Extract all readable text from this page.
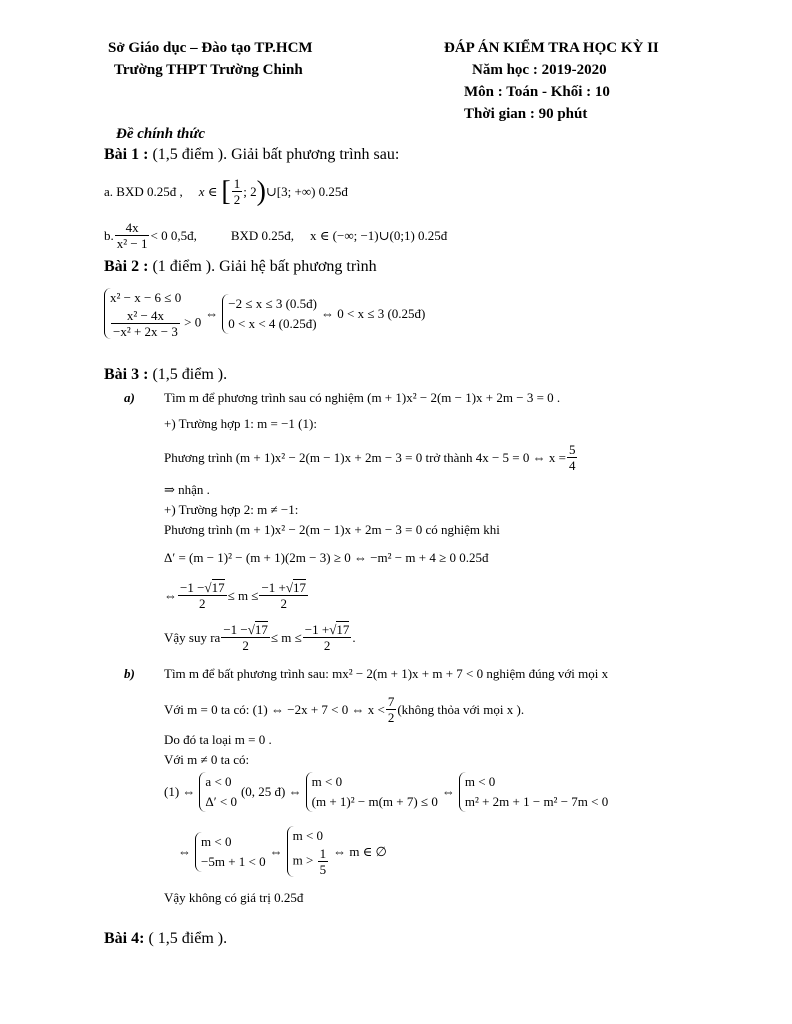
Sở Giáo dục – Đào tạo TP.HCM
Trường THPT Trường Chinh
ĐÁP ÁN KIỂM TRA HỌC KỲ II
Năm học : 2019-2020
Môn : Toán - Khối : 10
Thời gian : 90 phút
Đề chính thức
Bài 1 : (1,5 điểm ). Giải bất phương trình sau:
a. BXD 0.25đ , x ∈ [ $\frac{1}{2}$ ; 2 ) ∪[3; +∞) 0.25đ
b. $\frac{4x}{\text{x² − 1}} < 0$ 0,5đ,	BXD 0.25đ, x ∈ (−∞; −1)∪(0;1) 0.25đ
Bài 2 : (1 điểm ). Giải hệ bất phương trình
x² − x − 6 ≤ 0
$\frac{\text{x² − 4x}}{\text{−x² + 2x − 3}} > 0$
⇔
−2 ≤ x ≤ 3 (0.5đ)
0 < x < 4 (0.25đ)
⇔ 0 < x ≤ 3 (0.25đ)
Bài 3 : (1,5 điểm ).
a) Tìm m để phương trình sau có nghiệm (m + 1)x² − 2(m − 1)x + 2m − 3 = 0 .
+) Trường hợp 1: m = −1 (1):
Phương trình (m + 1)x² − 2(m − 1)x + 2m − 3 = 0 trở thành 4x − 5 = 0 ⇔ $x = \frac{5}{4}$
⇒ nhận .
+) Trường hợp 2: m ≠ −1:
Phương trình (m + 1)x² − 2(m − 1)x + 2m − 3 = 0 có nghiệm khi
Δ′ = (m − 1)² − (m + 1)(2m − 3) ≥ 0 ⇔ −m² − m + 4 ≥ 0 0.25đ
⇔ $\frac{-1 -√17}{2} \le m \le \frac{-1 +√17}{2}$
Vậy suy ra $\frac{-1 -√17}{2} \le m \le \frac{-1 +√17}{2}$ .
b) Tìm m để bất phương trình sau: mx² − 2(m + 1)x + m + 7 < 0 nghiệm đúng với mọi x
Với m = 0 ta có: (1) ⇔ −2x + 7 < 0 ⇔ $x < \frac{7}{2}$ (không thỏa với mọi x ).
Do đó ta loại m = 0 .
Với m ≠ 0 ta có:
(1) ⇔
a < 0
Δ′ < 0
(0, 25 đ) ⇔
m < 0
(m + 1)² − m(m + 7) ≤ 0
⇔
m < 0
m² + 2m + 1 − m² − 7m < 0
⇔
m < 0
−5m + 1 < 0
⇔
m < 0
$m > \frac{1}{5}$ ⇔ m ∈ ∅
Vậy không có giá trị 0.25đ
Bài 4: ( 1,5 điểm ).
